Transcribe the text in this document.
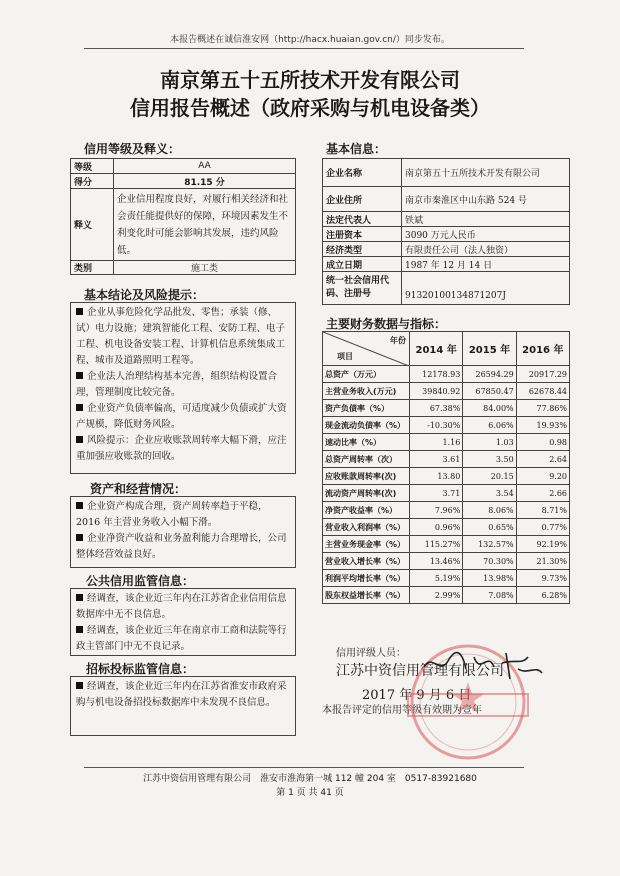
本报告概述在诚信淮安网（http://hacx.huaian.gov.cn/）同步发布。
南京第五十五所技术开发有限公司
信用报告概述（政府采购与机电设备类）
信用等级及释义：
等级	AA
得分	81.15 分
释义	企业信用程度良好，对履行相关经济和社会责任能提供好的保障，环境因素发生不利变化时可能会影响其发展，违约风险低。
类别	施工类
基本信息：
企业名称	南京第五十五所技术开发有限公司
企业住所	南京市秦淮区中山东路 524 号
法定代表人	铁斌
注册资本	3090 万元人民币
经济类型	有限责任公司（法人独资）
成立日期	1987 年 12 月 14 日
统一社会信用代码、注册号	91320100134871207J
基本结论及风险提示：

企业从事危险化学品批发、零售；承装（修、试）电力设施；建筑智能化工程、安防工程、电子工程、机电设备安装工程、计算机信息系统集成工程、城市及道路照明工程等。

企业法人治理结构基本完善，组织结构设置合理，管理制度比较完备。

企业资产负债率偏高，可适度减少负债或扩大资产规模，降低财务风险。

风险提示：企业应收账款周转率大幅下滑，应注重加强应收账款的回收。

资产和经营情况：

企业资产构成合理，资产周转率趋于平稳，2016 年主营业务收入小幅下滑。

企业净资产收益和业务盈利能力合理增长，公司整体经营效益良好。

公共信用监管信息：

经调查，该企业近三年内在江苏省企业信用信息数据库中无不良信息。

经调查，该企业近三年在南京市工商和法院等行政主管部门中无不良记录。

招标投标监管信息：

经调查，该企业近三年内在江苏省淮安市政府采购与机电设备招投标数据库中未发现不良信息。

主要财务数据与指标：
年份
项目	2014 年	2015 年	2016 年
总资产（万元）	12178.93	26594.29	20917.29
主营业务收入(万元)	39840.92	67850.47	62678.44
资产负债率（%）	67.38%	84.00%	77.86%
现金流动负债率（%）	-10.30%	6.06%	19.93%
速动比率（%）	1.16	1.03	0.98
总资产周转率（次）	3.61	3.50	2.64
应收账款周转率(次)	13.80	20.15	9.20
流动资产周转率(次)	3.71	3.54	2.66
净资产收益率（%）	7.96%	8.06%	8.71%
营业收入利润率（%）	0.96%	0.65%	0.77%
主营业务现金率（%）	115.27%	132.57%	92.19%
营业收入增长率（%）	13.46%	70.30%	21.30%
利润平均增长率（%）	5.19%	13.98%	9.73%
股东权益增长率（%）	2.99%	7.08%	6.28%
信用评级人员：
江苏中资信用管理有限公司
2017 年 9 月 6 日
本报告评定的信用等级有效期为壹年
江苏中资信用管理有限公司　淮安市淮海第一城 112 幢 204 室　0517-83921680
第 1 页 共 41 页
